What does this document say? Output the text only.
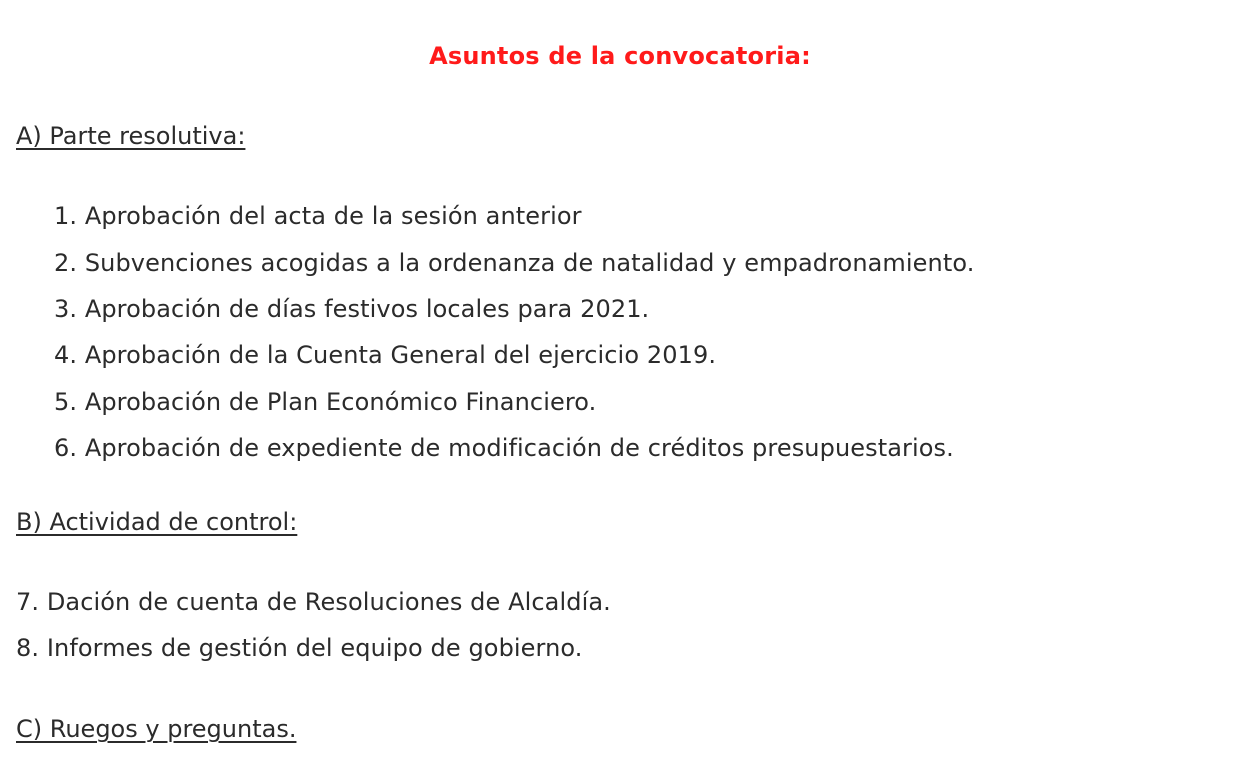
Asuntos de la convocatoria:
A) Parte resolutiva:
1. Aprobación del acta de la sesión anterior
2. Subvenciones acogidas a la ordenanza de natalidad y empadronamiento.
3. Aprobación de días festivos locales para 2021.
4. Aprobación de la Cuenta General del ejercicio 2019.
5. Aprobación de Plan Económico Financiero.
6. Aprobación de expediente de modificación de créditos presupuestarios.
B) Actividad de control:
7. Dación de cuenta de Resoluciones de Alcaldía.
8. Informes de gestión del equipo de gobierno.
C) Ruegos y preguntas.
